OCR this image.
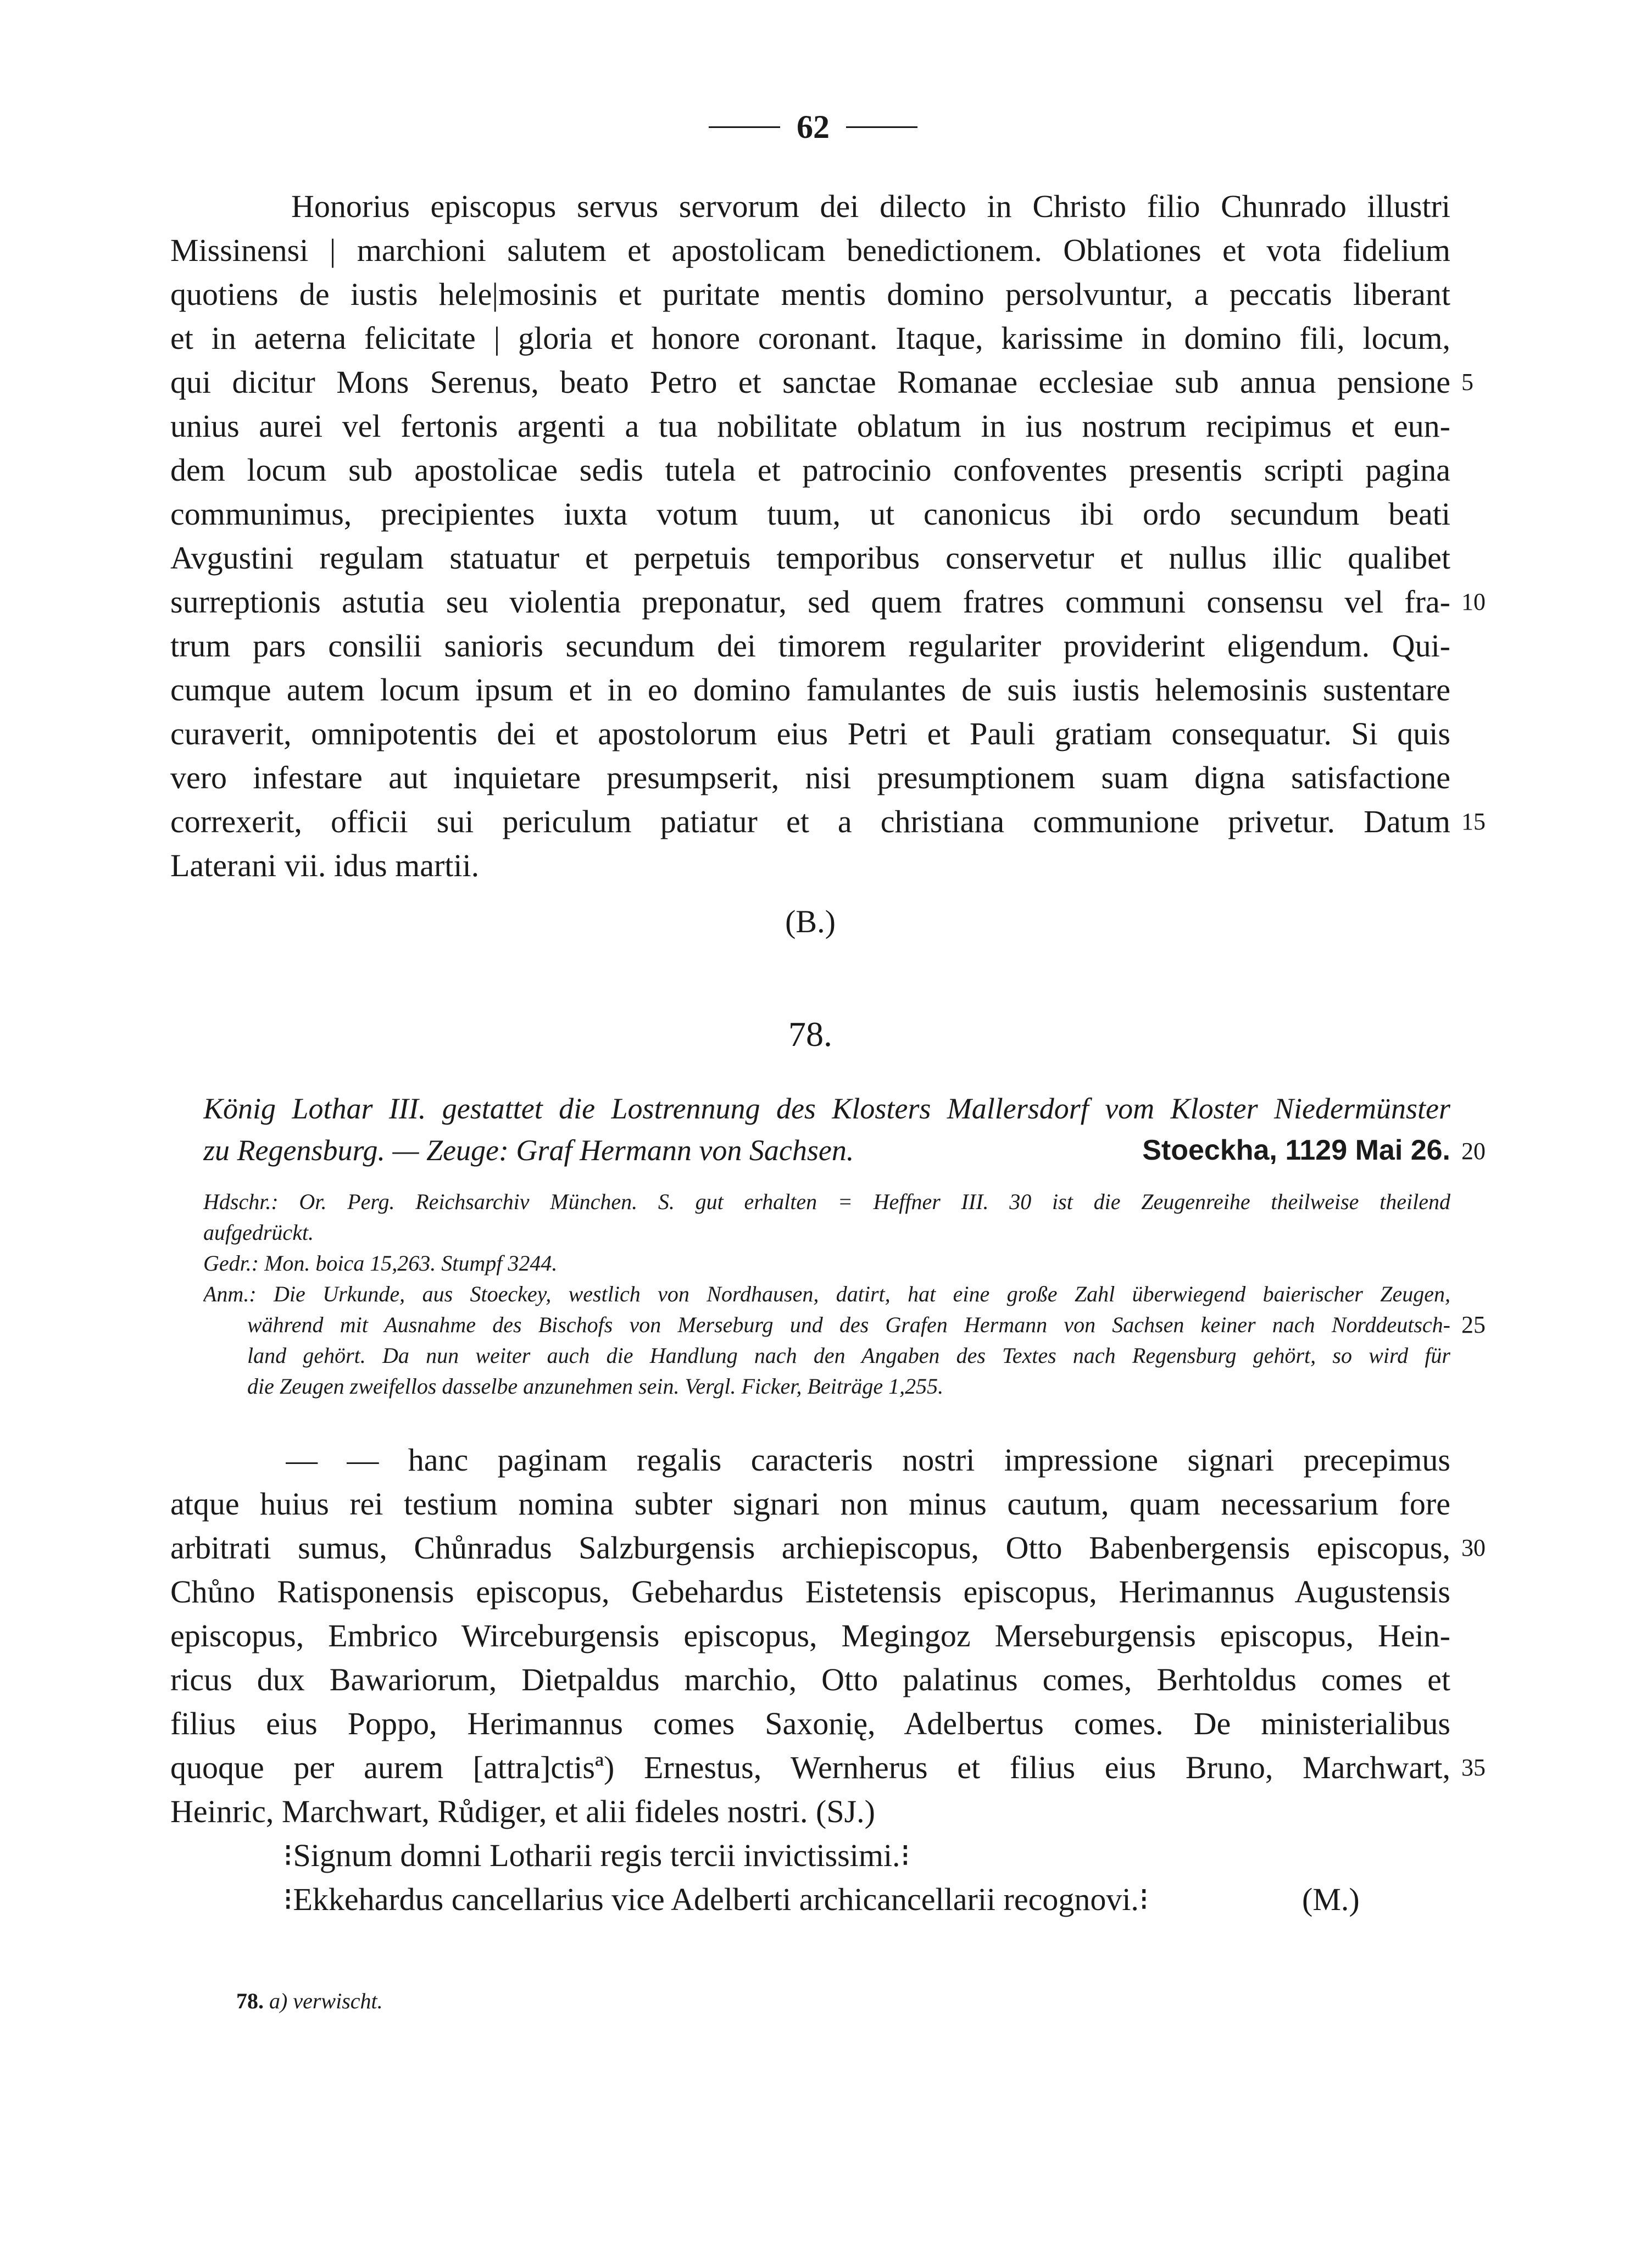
62
Honorius episcopus servus servorum dei dilecto in Christo filio Chunrado illustri
Missinensi | marchioni salutem et apostolicam benedictionem. Oblationes et vota fidelium
quotiens de iustis hele|mosinis et puritate mentis domino persolvuntur, a peccatis liberant
et in aeterna felicitate | gloria et honore coronant. Itaque, karissime in domino fili, locum,
qui dicitur Mons Serenus, beato Petro et sanctae Romanae ecclesiae sub annua pensione
unius aurei vel fertonis argenti a tua nobilitate oblatum in ius nostrum recipimus et eun-
dem locum sub apostolicae sedis tutela et patrocinio confoventes presentis scripti pagina
communimus, precipientes iuxta votum tuum, ut canonicus ibi ordo secundum beati
Avgustini regulam statuatur et perpetuis temporibus conservetur et nullus illic qualibet
surreptionis astutia seu violentia preponatur, sed quem fratres communi consensu vel fra-
trum pars consilii sanioris secundum dei timorem regulariter providerint eligendum. Qui-
cumque autem locum ipsum et in eo domino famulantes de suis iustis helemosinis sustentare
curaverit, omnipotentis dei et apostolorum eius Petri et Pauli gratiam consequatur. Si quis
vero infestare aut inquietare presumpserit, nisi presumptionem suam digna satisfactione
correxerit, officii sui periculum patiatur et a christiana communione privetur. Datum
Laterani vii. idus martii.
5
10
15
(B.)
78.
König Lothar III. gestattet die Lostrennung des Klosters Mallersdorf vom Kloster Niedermünster
zu Regensburg. — Zeuge: Graf Hermann von Sachsen.	Stoeckha, 1129 Mai 26. 20
Hdschr.: Or. Perg. Reichsarchiv München. S. gut erhalten = Heffner III. 30 ist die Zeugenreihe theilweise theilend
aufgedrückt.
Gedr.: Mon. boica 15,263. Stumpf 3244.
Anm.: Die Urkunde, aus Stoeckey, westlich von Nordhausen, datirt, hat eine große Zahl überwiegend baierischer Zeugen,
während mit Ausnahme des Bischofs von Merseburg und des Grafen Hermann von Sachsen keiner nach Norddeutsch-
land gehört. Da nun weiter auch die Handlung nach den Angaben des Textes nach Regensburg gehört, so wird für
die Zeugen zweifellos dasselbe anzunehmen sein. Vergl. Ficker, Beiträge 1,255.
25
— — hanc paginam regalis caracteris nostri impressione signari precepimus
atque huius rei testium nomina subter signari non minus cautum, quam necessarium fore
arbitrati sumus, Chůnradus Salzburgensis archiepiscopus, Otto Babenbergensis episcopus,
Chůno Ratisponensis episcopus, Gebehardus Eistetensis episcopus, Herimannus Augustensis
episcopus, Embrico Wirceburgensis episcopus, Megingoz Merseburgensis episcopus, Hein-
ricus dux Bawariorum, Dietpaldus marchio, Otto palatinus comes, Berhtoldus comes et
filius eius Poppo, Herimannus comes Saxonię, Adelbertus comes. De ministerialibus
quoque per aurem [attra]ctisª) Ernestus, Wernherus et filius eius Bruno, Marchwart,
Heinric, Marchwart, Růdiger, et alii fideles nostri. (SJ.)
30
35
⁝Signum domni Lotharii regis tercii invictissimi.⁝
⁝Ekkehardus cancellarius vice Adelberti archicancellarii recognovi.⁝	(M.)
78. a) verwischt.
